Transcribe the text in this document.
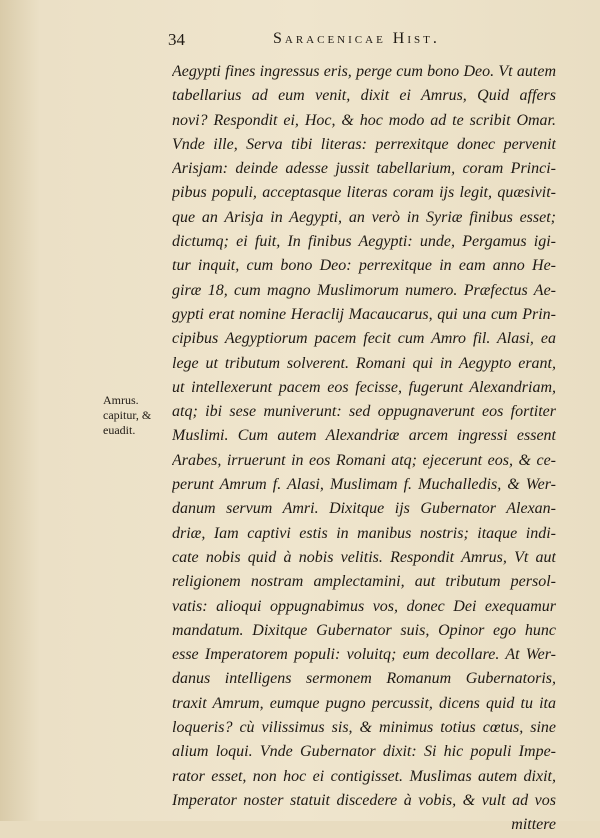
34	Saracenicae Hist.
Amrus.
capitur, &
euadit.
Aegypti fines ingressus eris, perge cum bono Deo. Vt autem
tabellarius ad eum venit, dixit ei Amrus, Quid affers
novi? Respondit ei, Hoc, & hoc modo ad te scribit Omar.
Vnde ille, Serva tibi literas: perrexitque donec pervenit
Arisjam: deinde adesse jussit tabellarium, coram Princi-
pibus populi, acceptasque literas coram ijs legit, quæsivit-
que an Arisja in Aegypti, an verò in Syriæ finibus esset;
dictumq; ei fuit, In finibus Aegypti: unde, Pergamus igi-
tur inquit, cum bono Deo: perrexitque in eam anno He-
giræ 18, cum magno Muslimorum numero. Præfectus Ae-
gypti erat nomine Heraclij Macaucarus, qui una cum Prin-
cipibus Aegyptiorum pacem fecit cum Amro fil. Alasi, ea
lege ut tributum solverent. Romani qui in Aegypto erant,
ut intellexerunt pacem eos fecisse, fugerunt Alexandriam,
atq; ibi sese muniverunt: sed oppugnaverunt eos fortiter
Muslimi. Cum autem Alexandriæ arcem ingressi essent
Arabes, irruerunt in eos Romani atq; ejecerunt eos, & ce-
perunt Amrum f. Alasi, Muslimam f. Muchalledis, & Wer-
danum servum Amri. Dixitque ijs Gubernator Alexan-
driæ, Iam captivi estis in manibus nostris; itaque indi-
cate nobis quid à nobis velitis. Respondit Amrus, Vt aut
religionem nostram amplectamini, aut tributum persol-
vatis: alioqui oppugnabimus vos, donec Dei exequamur
mandatum. Dixitque Gubernator suis, Opinor ego hunc
esse Imperatorem populi: voluitq; eum decollare. At Wer-
danus intelligens sermonem Romanum Gubernatoris,
traxit Amrum, eumque pugno percussit, dicens quid tu ita
loqueris? cù vilissimus sis, & minimus totius cœtus, sine
alium loqui. Vnde Gubernator dixit: Si hic populi Impe-
rator esset, non hoc ei contigisset. Muslimas autem dixit,
Imperator noster statuit discedere à vobis, & vult ad vos
mittere
